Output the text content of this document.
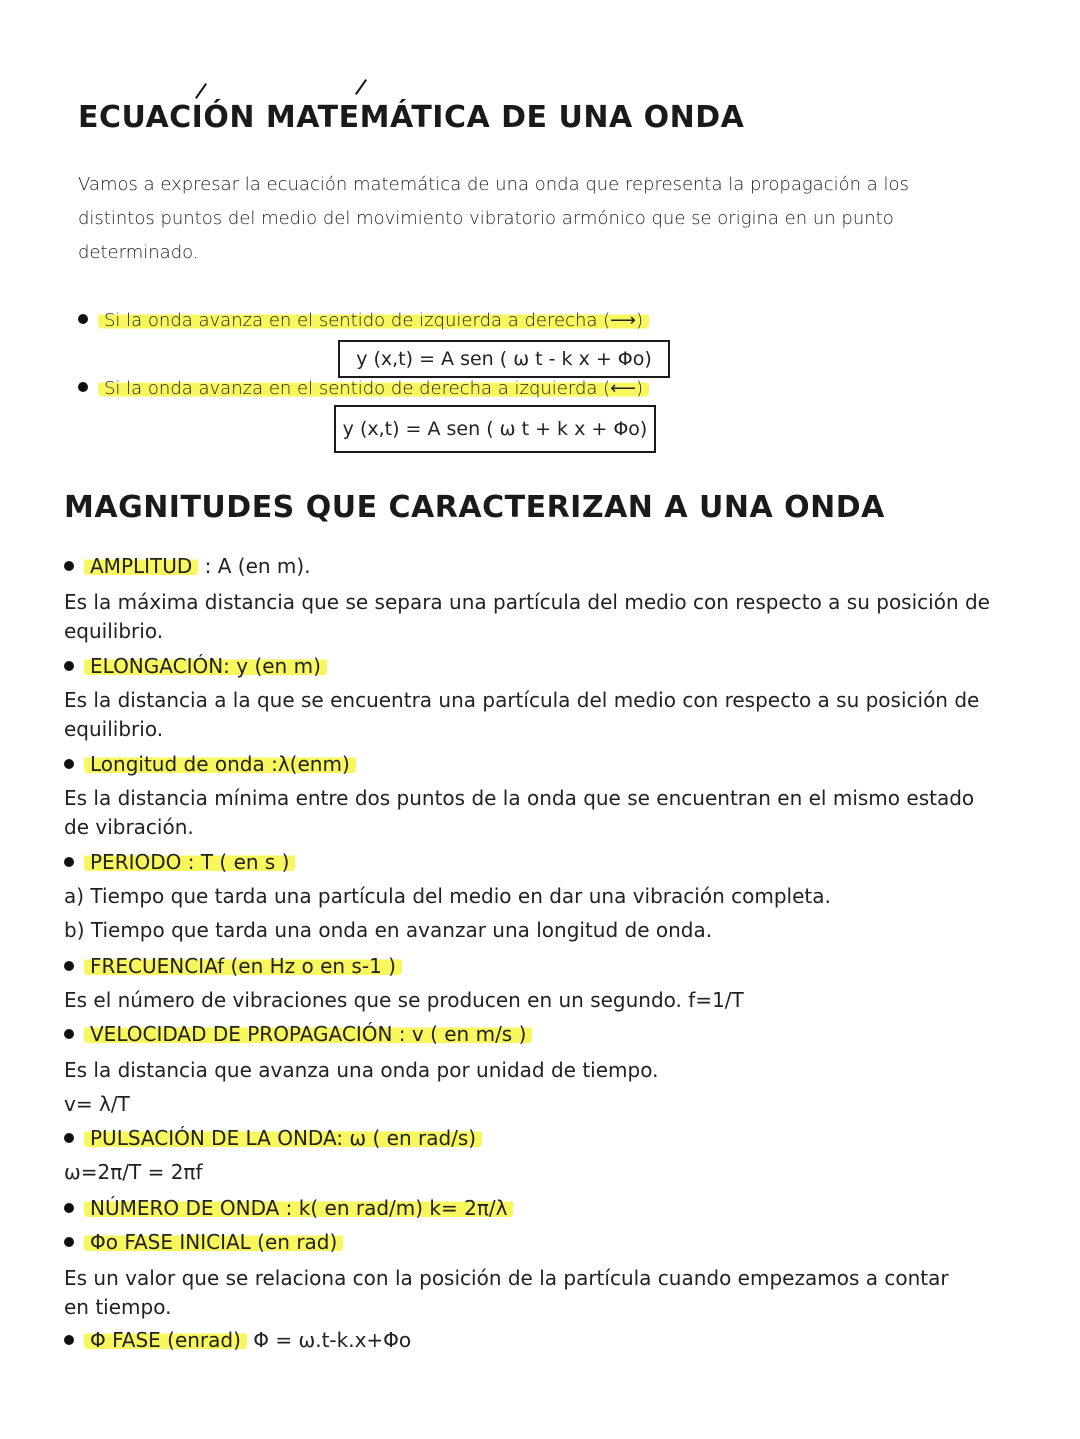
ECUACIÓN MATEMÁTICA DE UNA ONDA
Vamos a expresar la ecuación matemática de una onda que representa la propagación a los
distintos puntos del medio del movimiento vibratorio armónico que se origina en un punto
determinado.
Si la onda avanza en el sentido de izquierda a derecha (⟶)
y (x,t) = A sen ( ω t - k x + Φo)
Si la onda avanza en el sentido de derecha a izquierda (⟵)
y (x,t) = A sen ( ω t + k x + Φo)
MAGNITUDES QUE CARACTERIZAN A UNA ONDA
AMPLITUD : A (en m).
Es la máxima distancia que se separa una partícula del medio con respecto a su posición de
equilibrio.
ELONGACIÓN: y (en m)
Es la distancia a la que se encuentra una partícula del medio con respecto a su posición de
equilibrio.
Longitud de onda :λ(enm)
Es la distancia mínima entre dos puntos de la onda que se encuentran en el mismo estado
de vibración.
PERIODO : T ( en s )
a) Tiempo que tarda una partícula del medio en dar una vibración completa.
b) Tiempo que tarda una onda en avanzar una longitud de onda.
FRECUENCIAf (en Hz o en s-1 )
Es el número de vibraciones que se producen en un segundo. f=1/T
VELOCIDAD DE PROPAGACIÓN : v ( en m/s )
Es la distancia que avanza una onda por unidad de tiempo.
v= λ/T
PULSACIÓN DE LA ONDA: ω ( en rad/s)
ω=2π/T = 2πf
NÚMERO DE ONDA : k( en rad/m) k= 2π/λ
Φo FASE INICIAL (en rad)
Es un valor que se relaciona con la posición de la partícula cuando empezamos a contar
en tiempo.
Φ FASE (enrad) Φ = ω.t-k.x+Φo
